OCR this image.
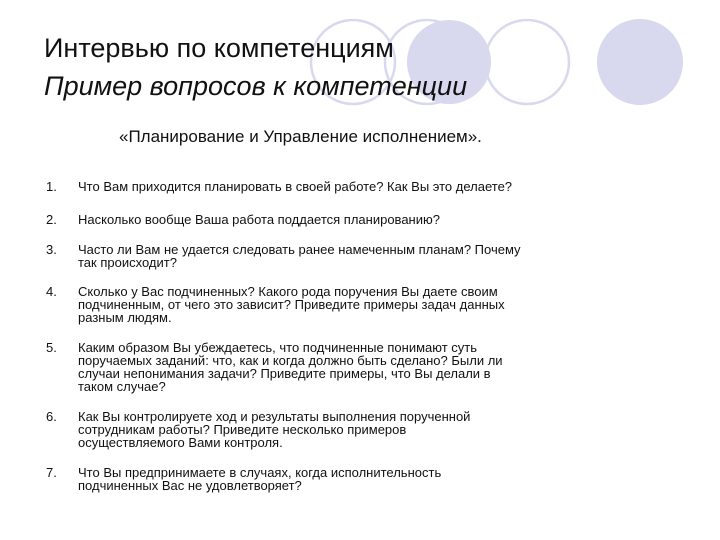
Интервью по компетенциям
Пример вопросов к компетенции
«Планирование и Управление исполнением».
1.	Что Вам приходится планировать в своей работе? Как Вы это делаете?
2.	Насколько вообще Ваша работа поддается планированию?
3.	Часто ли Вам не удается следовать ранее намеченным планам? Почему
так происходит?
4.	Сколько у Вас подчиненных? Какого рода поручения Вы даете своим
подчиненным, от чего это зависит? Приведите примеры задач данных
разным людям.
5.	Каким образом Вы убеждаетесь, что подчиненные понимают суть
поручаемых заданий: что, как и когда должно быть сделано? Были ли
случаи непонимания задачи? Приведите примеры, что Вы делали в
таком случае?
6.	Как Вы контролируете ход и результаты выполнения порученной
сотрудникам работы? Приведите несколько примеров
осуществляемого Вами контроля.
7.	Что Вы предпринимаете в случаях, когда исполнительность
подчиненных Вас не удовлетворяет?
